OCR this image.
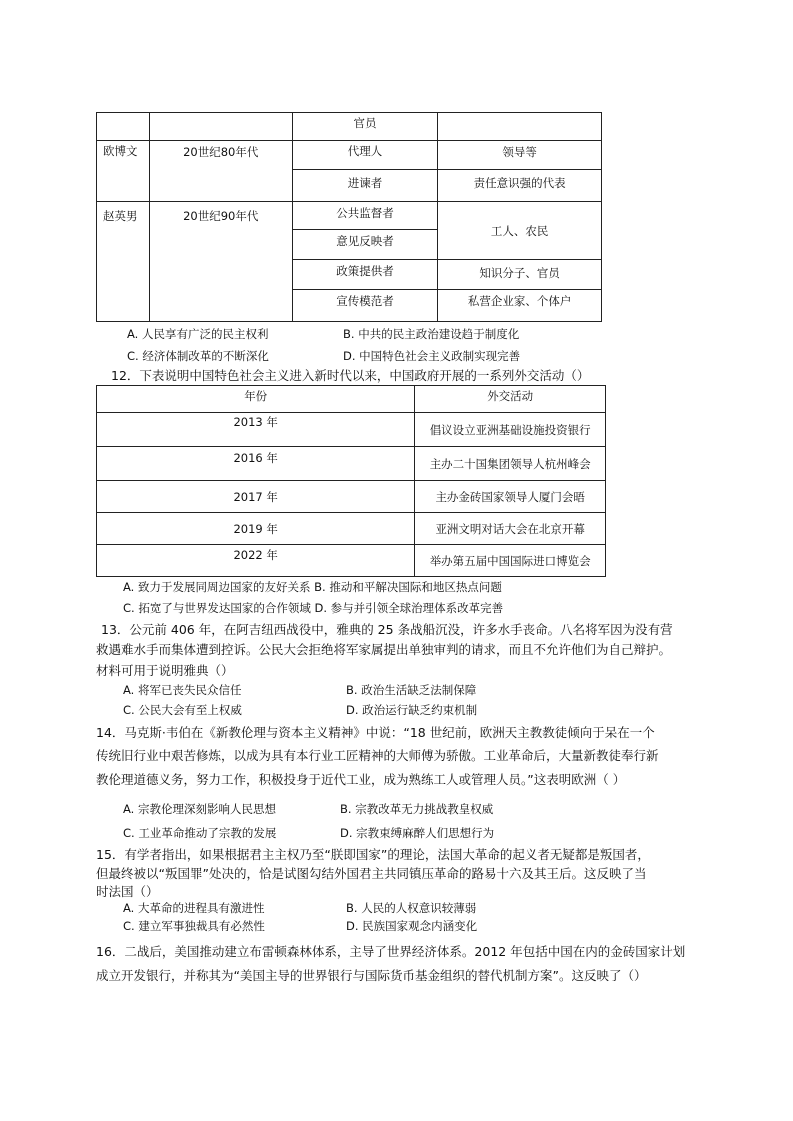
		官员	
欧博文	20世纪80年代	代理人	领导等
		进谏者	责任意识强的代表
赵英男	20世纪90年代	公共监督者	工人、农民
		意见反映者	
		政策提供者	知识分子、官员
		宣传模范者	私营企业家、个体户
A. 人民享有广泛的民主权利	B. 中共的民主政治建设趋于制度化
C. 经济体制改革的不断深化	D. 中国特色社会主义政制实现完善
12．下表说明中国特色社会主义进入新时代以来，中国政府开展的一系列外交活动（）
年份	外交活动
2013 年	倡议设立亚洲基础设施投资银行
2016 年	主办二十国集团领导人杭州峰会
2017 年	主办金砖国家领导人厦门会晤
2019 年	亚洲文明对话大会在北京开幕
2022 年	举办第五届中国国际进口博览会
A. 致力于发展同周边国家的友好关系 B. 推动和平解决国际和地区热点问题
C. 拓宽了与世界发达国家的合作领域 D. 参与并引领全球治理体系改革完善
13．公元前 406 年，在阿吉纽西战役中，雅典的 25 条战船沉没，许多水手丧命。八名将军因为没有营
救遇难水手而集体遭到控诉。公民大会拒绝将军家属提出单独审判的请求，而且不允许他们为自己辩护。
材料可用于说明雅典（）
A. 将军已丧失民众信任	B. 政治生活缺乏法制保障
C. 公民大会有至上权威	D. 政治运行缺乏约束机制
14．马克斯·韦伯在《新教伦理与资本主义精神》中说：“18 世纪前，欧洲天主教教徒倾向于呆在一个
传统旧行业中艰苦修炼，以成为具有本行业工匠精神的大师傅为骄傲。工业革命后，大量新教徒奉行新
教伦理道德义务，努力工作，积极投身于近代工业，成为熟练工人或管理人员。”这表明欧洲（ ）
A. 宗教伦理深刻影响人民思想	B. 宗教改革无力挑战教皇权威
C. 工业革命推动了宗教的发展	D. 宗教束缚麻醉人们思想行为
15．有学者指出，如果根据君主主权乃至“朕即国家”的理论，法国大革命的起义者无疑都是叛国者，
但最终被以“叛国罪”处决的，恰是试图勾结外国君主共同镇压革命的路易十六及其王后。这反映了当
时法国（）
A. 大革命的进程具有激进性	B. 人民的人权意识较薄弱
C. 建立军事独裁具有必然性	D. 民族国家观念内涵变化
16．二战后，美国推动建立布雷顿森林体系，主导了世界经济体系。2012 年包括中国在内的金砖国家计划
成立开发银行，并称其为“美国主导的世界银行与国际货币基金组织的替代机制方案”。这反映了（）
